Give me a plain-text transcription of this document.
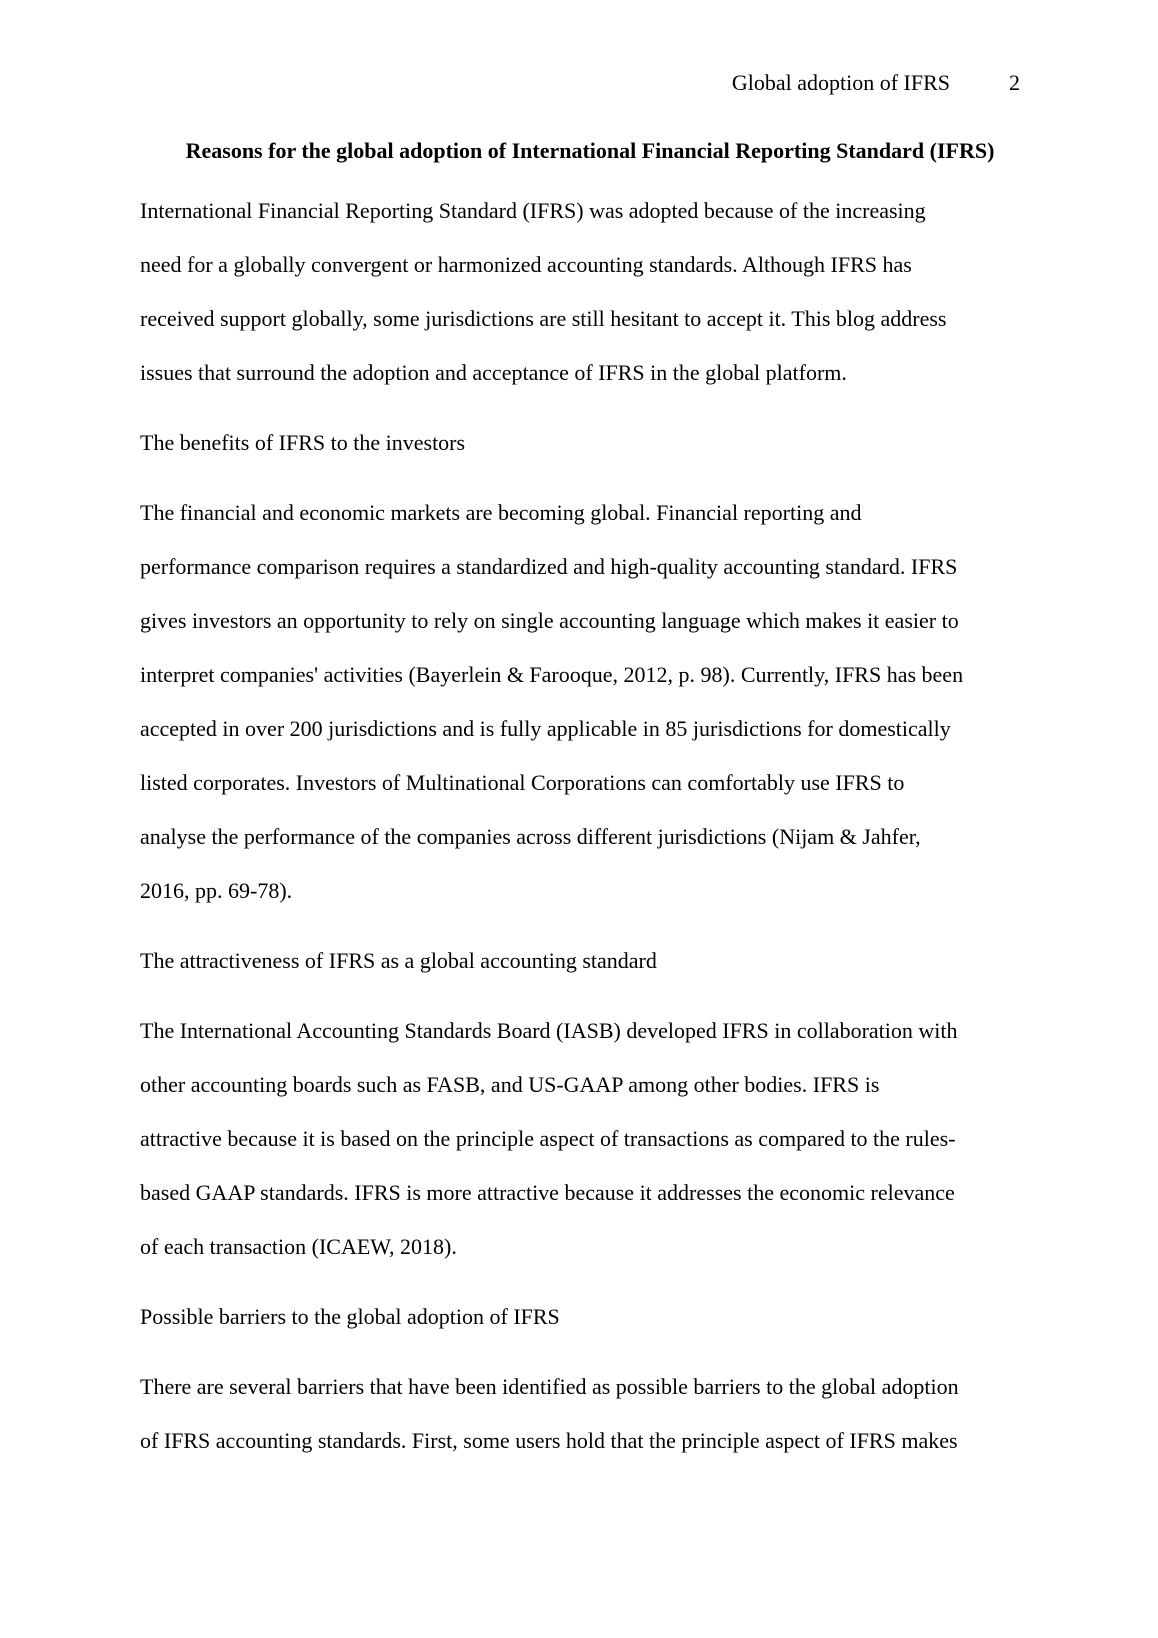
Global adoption of IFRS	2
Reasons for the global adoption of International Financial Reporting Standard (IFRS)
International Financial Reporting Standard (IFRS) was adopted because of the increasing
need for a globally convergent or harmonized accounting standards. Although IFRS has
received support globally, some jurisdictions are still hesitant to accept it. This blog address
issues that surround the adoption and acceptance of IFRS in the global platform.
The benefits of IFRS to the investors
The financial and economic markets are becoming global. Financial reporting and
performance comparison requires a standardized and high-quality accounting standard. IFRS
gives investors an opportunity to rely on single accounting language which makes it easier to
interpret companies' activities (Bayerlein & Farooque, 2012, p. 98). Currently, IFRS has been
accepted in over 200 jurisdictions and is fully applicable in 85 jurisdictions for domestically
listed corporates. Investors of Multinational Corporations can comfortably use IFRS to
analyse the performance of the companies across different jurisdictions (Nijam & Jahfer,
2016, pp. 69-78).
The attractiveness of IFRS as a global accounting standard
The International Accounting Standards Board (IASB) developed IFRS in collaboration with
other accounting boards such as FASB, and US-GAAP among other bodies. IFRS is
attractive because it is based on the principle aspect of transactions as compared to the rules-
based GAAP standards. IFRS is more attractive because it addresses the economic relevance
of each transaction (ICAEW, 2018).
Possible barriers to the global adoption of IFRS
There are several barriers that have been identified as possible barriers to the global adoption
of IFRS accounting standards. First, some users hold that the principle aspect of IFRS makes
